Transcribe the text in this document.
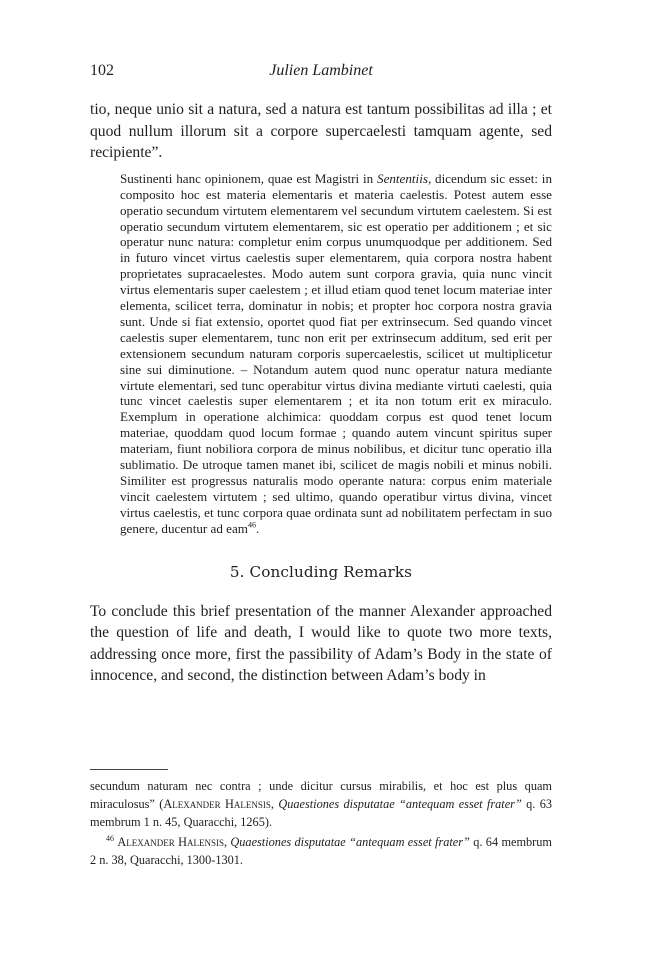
102	Julien Lambinet

tio, neque unio sit a natura, sed a natura est tantum possibilitas ad illa ; et quod nullum illorum sit a corpore supercaelesti tamquam agente, sed recipiente”.

Sustinenti hanc opinionem, quae est Magistri in Sententiis, dicendum sic esset: in composito hoc est materia elementaris et materia caelestis. Potest autem esse operatio secundum virtutem elementarem vel secundum virtutem caelestem. Si est operatio secundum virtutem elementarem, sic est operatio per additionem ; et sic operatur nunc natura: completur enim corpus unumquodque per additionem. Sed in futuro vincet virtus caelestis super elementarem, quia corpora nostra habent proprietates supracaelestes. Modo autem sunt corpora gravia, quia nunc vincit virtus elementaris super caelestem ; et illud etiam quod tenet locum materiae inter elementa, scilicet terra, dominatur in nobis; et propter hoc corpora nostra gravia sunt. Unde si fiat extensio, oportet quod fiat per extrinsecum. Sed quando vincet caelestis super elementarem, tunc non erit per extrinsecum additum, sed erit per extensionem secundum naturam corporis supercaelestis, scilicet ut multiplicetur sine sui diminutione. – Notandum autem quod nunc operatur natura mediante virtute elementari, sed tunc operabitur virtus divina mediante virtuti caelesti, quia tunc vincet caelestis super elementarem ; et ita non totum erit ex miraculo. Exemplum in operatione alchimica: quoddam corpus est quod tenet locum materiae, quoddam quod locum formae ; quando autem vincunt spiritus super materiam, fiunt nobiliora corpora de minus nobilibus, et dicitur tunc operatio illa sublimatio. De utroque tamen manet ibi, scilicet de magis nobili et minus nobili. Similiter est progressus naturalis modo operante natura: corpus enim materiale vincit caelestem virtutem ; sed ultimo, quando operatibur virtus divina, vincet virtus caelestis, et tunc corpora quae ordinata sunt ad nobilitatem perfectam in suo genere, ducentur ad eam$^{46}$.

5. Concluding Remarks

To conclude this brief presentation of the manner Alexander approached the question of life and death, I would like to quote two more texts, addressing once more, first the passibility of Adam’s Body in the state of innocence, and second, the distinction between Adam’s body in

secundum naturam nec contra ; unde dicitur cursus mirabilis, et hoc est plus quam miraculosus” (Alexander Halensis, Quaestiones disputatae “antequam esset frater” q. 63 membrum 1 n. 45, Quaracchi, 1265).

$^{46}$ Alexander Halensis, Quaestiones disputatae “antequam esset frater” q. 64 membrum 2 n. 38, Quaracchi, 1300-1301.
